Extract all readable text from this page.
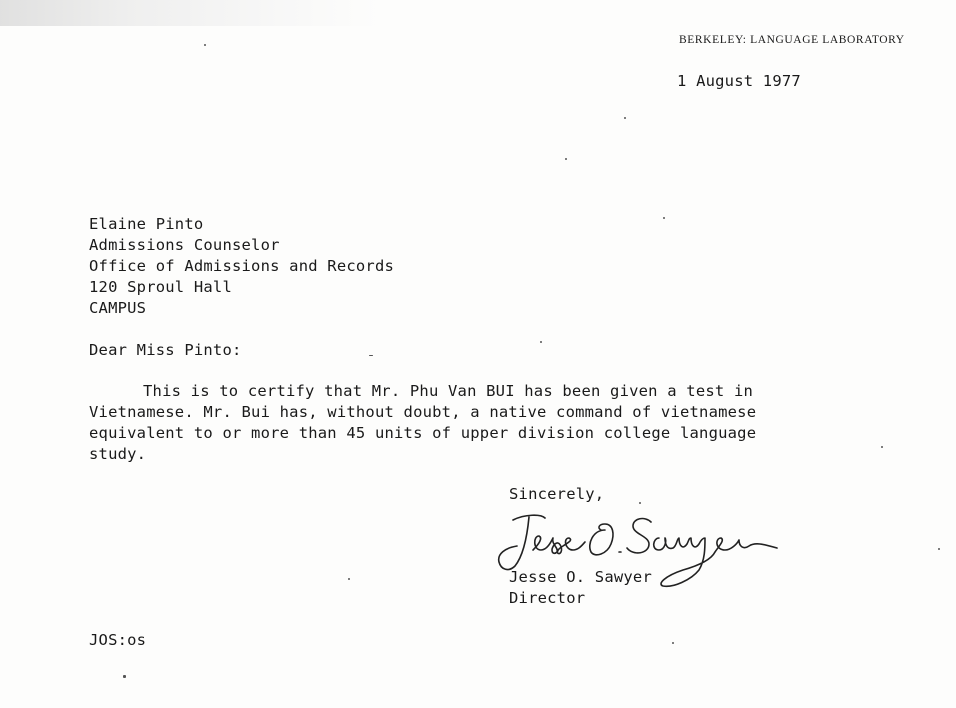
BERKELEY: LANGUAGE LABORATORY
1 August 1977
Elaine Pinto
Admissions Counselor
Office of Admissions and Records
120 Sproul Hall
CAMPUS
Dear Miss Pinto:
This is to certify that Mr. Phu Van BUI has been given a test in
Vietnamese. Mr. Bui has, without doubt, a native command of vietnamese
equivalent to or more than 45 units of upper division college language
study.
Sincerely,
Jesse O. Sawyer
Director
JOS:os
